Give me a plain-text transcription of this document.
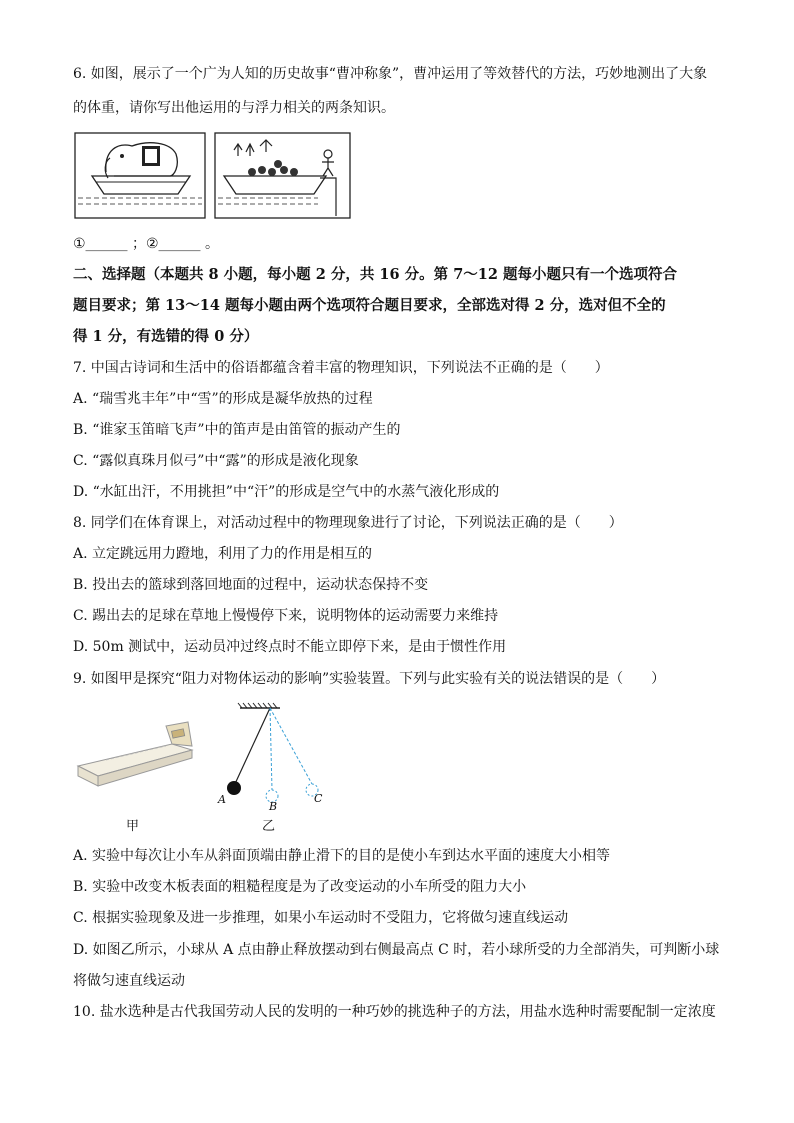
6. 如图，展示了一个广为人知的历史故事“曹冲称象”，曹冲运用了等效替代的方法，巧妙地测出了大象
的体重，请你写出他运用的与浮力相关的两条知识。
①______ ；②______ 。
二、选择题（本题共 8 小题，每小题 2 分，共 16 分。第 7～12 题每小题只有一个选项符合
题目要求；第 13～14 题每小题由两个选项符合题目要求，全部选对得 2 分，选对但不全的
得 1 分，有选错的得 0 分）
7. 中国古诗词和生活中的俗语都蕴含着丰富的物理知识，下列说法不正确的是（　　）
A. “瑞雪兆丰年”中“雪”的形成是凝华放热的过程
B. “谁家玉笛暗飞声”中的笛声是由笛管的振动产生的
C. “露似真珠月似弓”中“露”的形成是液化现象
D. “水缸出汗，不用挑担”中“汗”的形成是空气中的水蒸气液化形成的
8. 同学们在体育课上，对活动过程中的物理现象进行了讨论，下列说法正确的是（　　）
A. 立定跳远用力蹬地，利用了力的作用是相互的
B. 投出去的篮球到落回地面的过程中，运动状态保持不变
C. 踢出去的足球在草地上慢慢停下来，说明物体的运动需要力来维持
D. 50m 测试中，运动员冲过终点时不能立即停下来，是由于惯性作用
9. 如图甲是探究“阻力对物体运动的影响”实验装置。下列与此实验有关的说法错误的是（　　）
甲
A
B
C
乙
A. 实验中每次让小车从斜面顶端由静止滑下的目的是使小车到达水平面的速度大小相等
B. 实验中改变木板表面的粗糙程度是为了改变运动的小车所受的阻力大小
C. 根据实验现象及进一步推理，如果小车运动时不受阻力，它将做匀速直线运动
D. 如图乙所示，小球从 A 点由静止释放摆动到右侧最高点 C 时，若小球所受的力全部消失，可判断小球
将做匀速直线运动
10. 盐水选种是古代我国劳动人民的发明的一种巧妙的挑选种子的方法，用盐水选种时需要配制一定浓度
